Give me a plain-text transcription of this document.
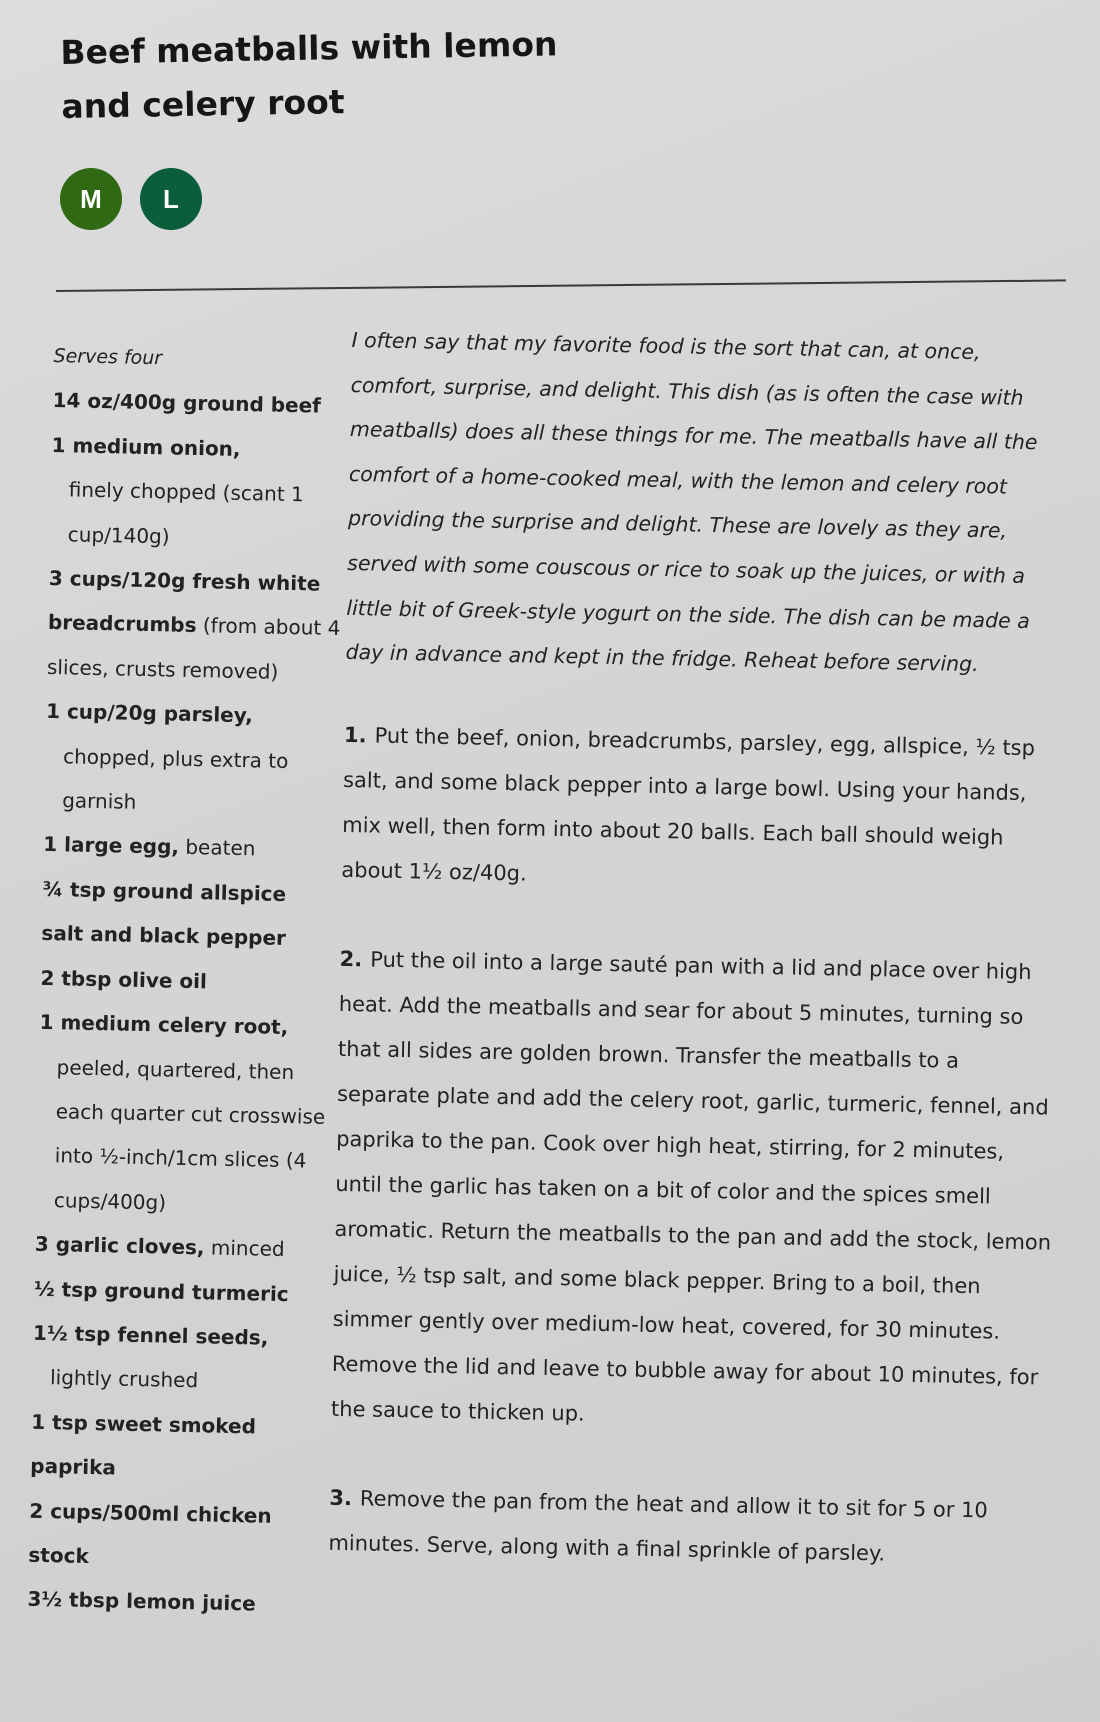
Beef meatballs with lemon
and celery root
M	L
Serves four
14 oz/400g ground beef
1 medium onion,
finely chopped (scant 1 cup/140g)
3 cups/120g fresh white breadcrumbs (from about 4 slices, crusts removed)
1 cup/20g parsley,
chopped, plus extra to garnish
1 large egg, beaten
¾ tsp ground allspice
salt and black pepper
2 tbsp olive oil
1 medium celery root,
peeled, quartered, then each quarter cut crosswise into ½-inch/1cm slices (4 cups/400g)
3 garlic cloves, minced
½ tsp ground turmeric
1½ tsp fennel seeds,
lightly crushed
1 tsp sweet smoked paprika
2 cups/500ml chicken stock
3½ tbsp lemon juice

I often say that my favorite food is the sort that can, at once, comfort, surprise, and delight. This dish (as is often the case with meatballs) does all these things for me. The meatballs have all the comfort of a home-cooked meal, with the lemon and celery root providing the surprise and delight. These are lovely as they are, served with some couscous or rice to soak up the juices, or with a little bit of Greek-style yogurt on the side. The dish can be made a day in advance and kept in the fridge. Reheat before serving.

1. Put the beef, onion, breadcrumbs, parsley, egg, allspice, ½ tsp salt, and some black pepper into a large bowl. Using your hands, mix well, then form into about 20 balls. Each ball should weigh about 1½ oz/40g.

2. Put the oil into a large sauté pan with a lid and place over high heat. Add the meatballs and sear for about 5 minutes, turning so that all sides are golden brown. Transfer the meatballs to a separate plate and add the celery root, garlic, turmeric, fennel, and paprika to the pan. Cook over high heat, stirring, for 2 minutes, until the garlic has taken on a bit of color and the spices smell aromatic. Return the meatballs to the pan and add the stock, lemon juice, ½ tsp salt, and some black pepper. Bring to a boil, then simmer gently over medium-low heat, covered, for 30 minutes. Remove the lid and leave to bubble away for about 10 minutes, for the sauce to thicken up.

3. Remove the pan from the heat and allow it to sit for 5 or 10 minutes. Serve, along with a final sprinkle of parsley.
